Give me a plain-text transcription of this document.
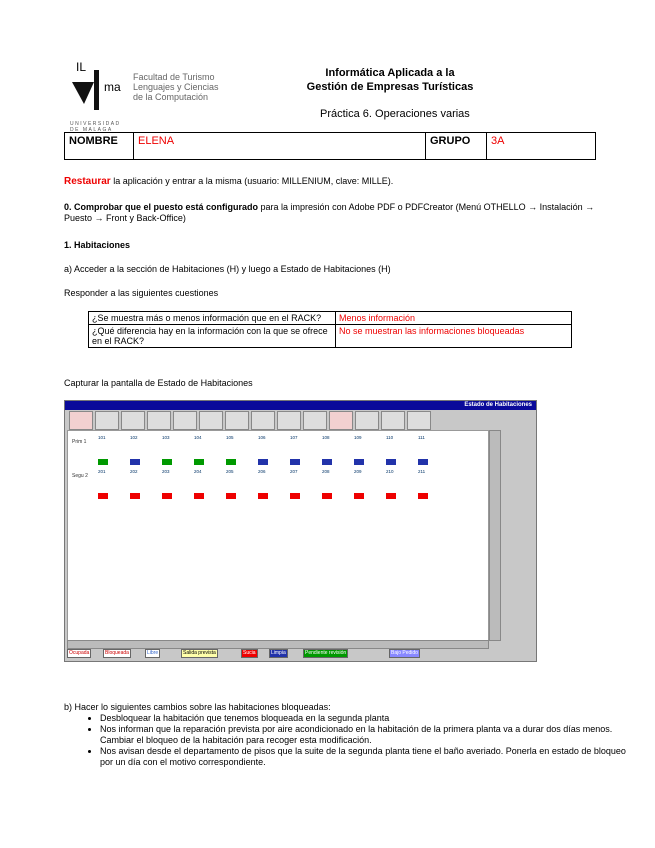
IL
ma
Facultad de Turismo
Lenguajes y Ciencias
de la Computación
UNIVERSIDAD
DE MALAGA
Informática Aplicada a la
Gestión de Empresas Turísticas
Práctica 6. Operaciones varias
NOMBRE	ELENA	GRUPO	3A
Restaurar la aplicación y entrar a la misma (usuario: MILLENIUM, clave: MILLE).
0. Comprobar que el puesto está configurado para la impresión con Adobe PDF o PDFCreator (Menú OTHELLO → Instalación → Puesto → Front y Back-Office)
1. Habitaciones
a) Acceder a la sección de Habitaciones (H) y luego a Estado de Habitaciones (H)
Responder a las siguientes cuestiones
¿Se muestra más o menos información que en el RACK?	Menos información
¿Qué diferencia hay en la información con la que se ofrece en el RACK?	No se muestran las informaciones bloqueadas
Capturar la pantalla de Estado de Habitaciones
Estado de Habitaciones
Prim 1
Segu 2
101	102	103	104	105	106	107	108	109	110	111
201	202	203	204	205	206	207	208	209	210	211
Ocupada	Bloqueada	Libre	Salida prevista	Sucia	Limpia	Pendiente revisión	Bajo Pedido
b) Hacer lo siguientes cambios sobre las habitaciones bloqueadas:
• Desbloquear la habitación que tenemos bloqueada en la segunda planta
• Nos informan que la reparación prevista por aire acondicionado en la habitación de la primera planta va a durar dos días menos. Cambiar el bloqueo de la habitación para recoger esta modificación.
• Nos avisan desde el departamento de pisos que la suite de la segunda planta tiene el baño averiado. Ponerla en estado de bloqueo por un día con el motivo correspondiente.
